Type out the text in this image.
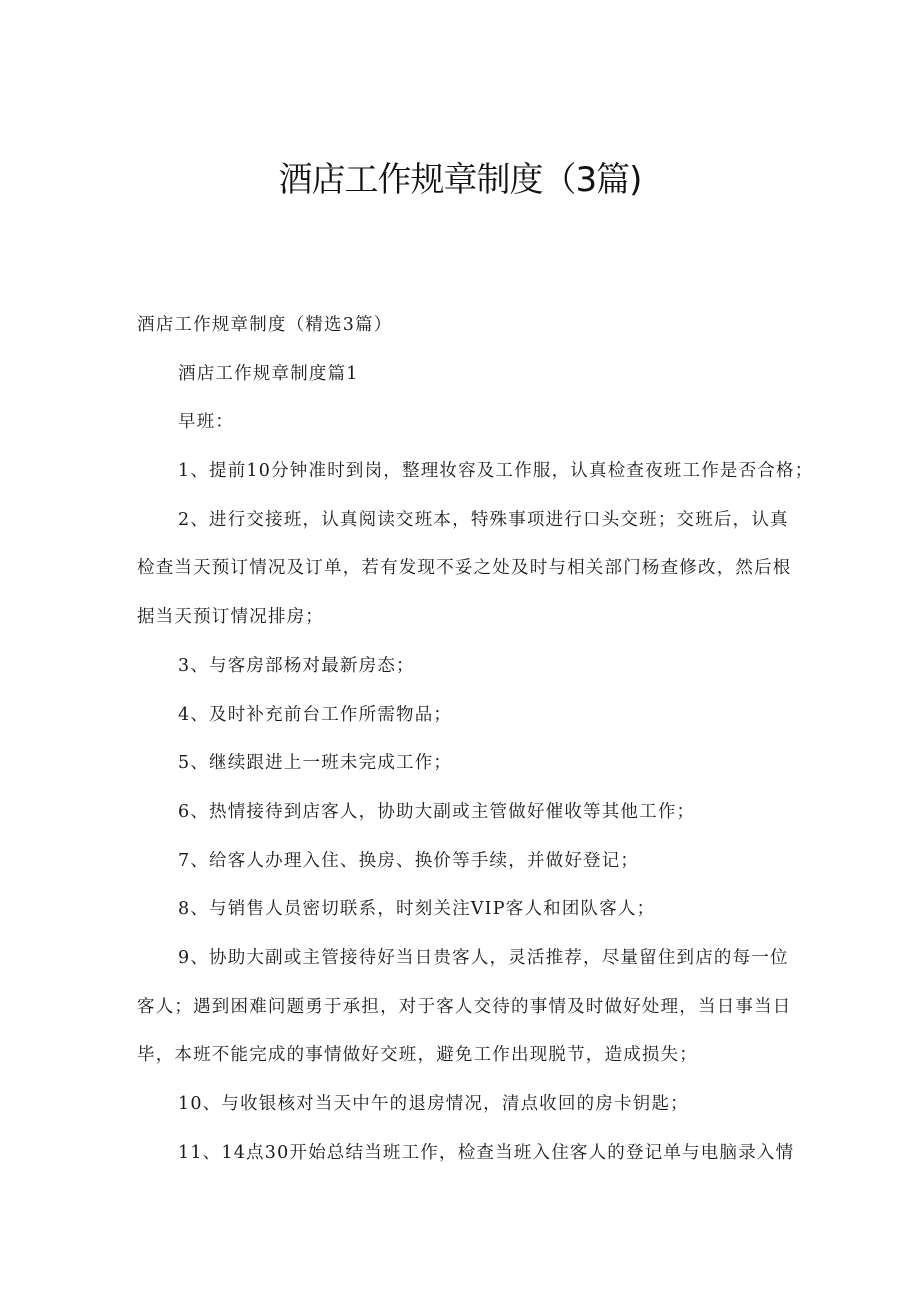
酒店工作规章制度（3篇)
酒店工作规章制度（精选3篇）
酒店工作规章制度篇1
早班：
1、提前10分钟准时到岗，整理妆容及工作服，认真检查夜班工作是否合格；
2、进行交接班，认真阅读交班本，特殊事项进行口头交班；交班后，认真
检查当天预订情况及订单，若有发现不妥之处及时与相关部门杨查修改，然后根
据当天预订情况排房；
3、与客房部杨对最新房态；
4、及时补充前台工作所需物品；
5、继续跟进上一班未完成工作；
6、热情接待到店客人，协助大副或主管做好催收等其他工作；
7、给客人办理入住、换房、换价等手续，并做好登记；
8、与销售人员密切联系，时刻关注VIP客人和团队客人；
9、协助大副或主管接待好当日贵客人，灵活推荐，尽量留住到店的每一位
客人；遇到困难问题勇于承担，对于客人交待的事情及时做好处理，当日事当日
毕，本班不能完成的事情做好交班，避免工作出现脱节，造成损失；
10、与收银核对当天中午的退房情况，清点收回的房卡钥匙；
11、14点30开始总结当班工作，检查当班入住客人的登记单与电脑录入情
